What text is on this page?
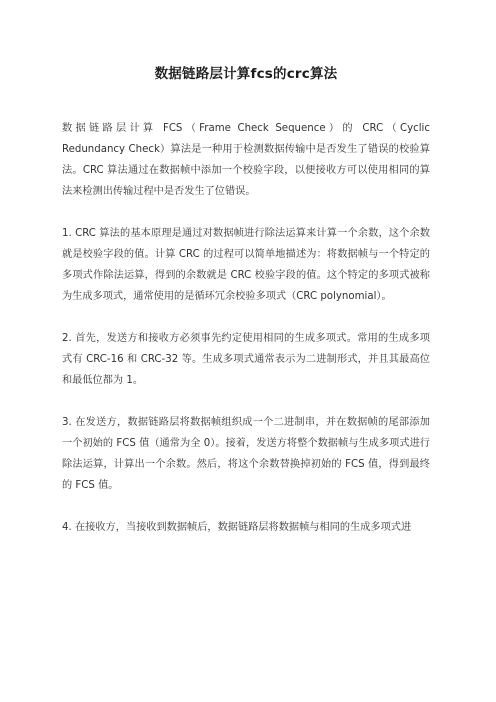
数据链路层计算fcs的crc算法

数据链路层计算 FCS（Frame Check Sequence）的 CRC（Cyclic Redundancy Check）算法是一种用于检测数据传输中是否发生了错误的校验算法。CRC 算法通过在数据帧中添加一个校验字段，以便接收方可以使用相同的算法来检测出传输过程中是否发生了位错误。

1. CRC 算法的基本原理是通过对数据帧进行除法运算来计算一个余数，这个余数就是校验字段的值。计算 CRC 的过程可以简单地描述为：将数据帧与一个特定的多项式作除法运算，得到的余数就是 CRC 校验字段的值。这个特定的多项式被称为生成多项式，通常使用的是循环冗余校验多项式（CRC polynomial）。

2. 首先，发送方和接收方必须事先约定使用相同的生成多项式。常用的生成多项式有 CRC-16 和 CRC-32 等。生成多项式通常表示为二进制形式，并且其最高位和最低位都为 1。

3. 在发送方，数据链路层将数据帧组织成一个二进制串，并在数据帧的尾部添加一个初始的 FCS 值（通常为全 0）。接着，发送方将整个数据帧与生成多项式进行除法运算，计算出一个余数。然后，将这个余数替换掉初始的 FCS 值，得到最终的 FCS 值。

4. 在接收方，当接收到数据帧后，数据链路层将数据帧与相同的生成多项式进
